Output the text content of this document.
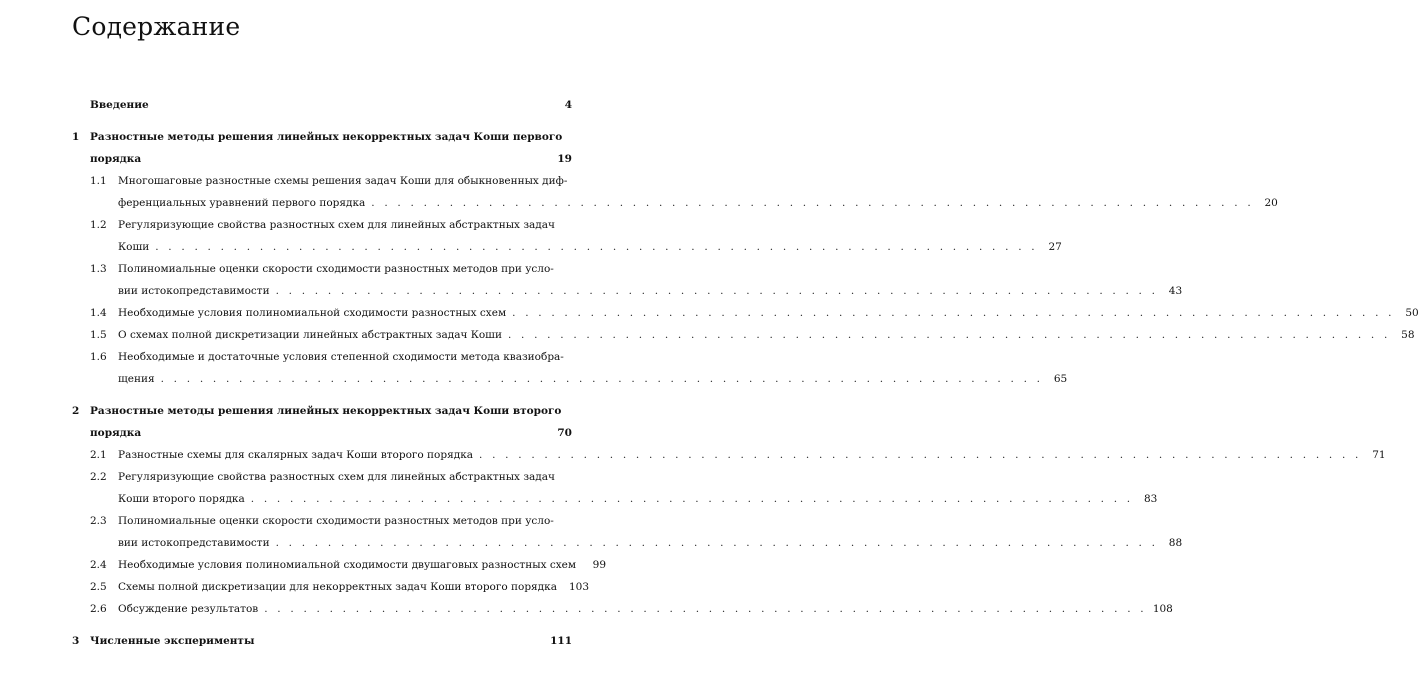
Содержание
Введение	4
1	Разностные методы решения линейных некорректных задач Коши первого
порядка	19
1.1	Многошаговые разностные схемы решения задач Коши для обыкновенных диф-
ференциальных уравнений первого порядка . . . . . . . . . . . . . . . . . . . . . . . . . . . . . . . . . . . . . . . . . . . . . . . . . . . . . . . . . . . . . . . . . . . .	20
1.2	Регуляризующие свойства разностных схем для линейных абстрактных задач
Коши . . . . . . . . . . . . . . . . . . . . . . . . . . . . . . . . . . . . . . . . . . . . . . . . . . . . . . . . . . . . . . . . . . . .	27
1.3	Полиномиальные оценки скорости сходимости разностных методов при усло-
вии истокопредставимости . . . . . . . . . . . . . . . . . . . . . . . . . . . . . . . . . . . . . . . . . . . . . . . . . . . . . . . . . . . . . . . . . . . .	43
1.4	Необходимые условия полиномиальной сходимости разностных схем . . . . . . . . . . . . . . . . . . . . . . . . . . . . . . . . . . . . . . . . . . . . . . . . . . . . . . . . . . . . . . . . . . . .	50
1.5	О схемах полной дискретизации линейных абстрактных задач Коши . . . . . . . . . . . . . . . . . . . . . . . . . . . . . . . . . . . . . . . . . . . . . . . . . . . . . . . . . . . . . . . . . . . .	58
1.6	Необходимые и достаточные условия степенной сходимости метода квазиобра-
щения . . . . . . . . . . . . . . . . . . . . . . . . . . . . . . . . . . . . . . . . . . . . . . . . . . . . . . . . . . . . . . . . . . . .	65
2	Разностные методы решения линейных некорректных задач Коши второго
порядка	70
2.1	Разностные схемы для скалярных задач Коши второго порядка . . . . . . . . . . . . . . . . . . . . . . . . . . . . . . . . . . . . . . . . . . . . . . . . . . . . . . . . . . . . . . . . . . . .	71
2.2	Регуляризующие свойства разностных схем для линейных абстрактных задач
Коши второго порядка . . . . . . . . . . . . . . . . . . . . . . . . . . . . . . . . . . . . . . . . . . . . . . . . . . . . . . . . . . . . . . . . . . . .	83
2.3	Полиномиальные оценки скорости сходимости разностных методов при усло-
вии истокопредставимости . . . . . . . . . . . . . . . . . . . . . . . . . . . . . . . . . . . . . . . . . . . . . . . . . . . . . . . . . . . . . . . . . . . .	88
2.4	Необходимые условия полиномиальной сходимости двушаговых разностных схем	99
2.5	Схемы полной дискретизации для некорректных задач Коши второго порядка 103
2.6	Обсуждение результатов . . . . . . . . . . . . . . . . . . . . . . . . . . . . . . . . . . . . . . . . . . . . . . . . . . . . . . . . . . . . . . . . . . . . 108
3	Численные эксперименты	111
